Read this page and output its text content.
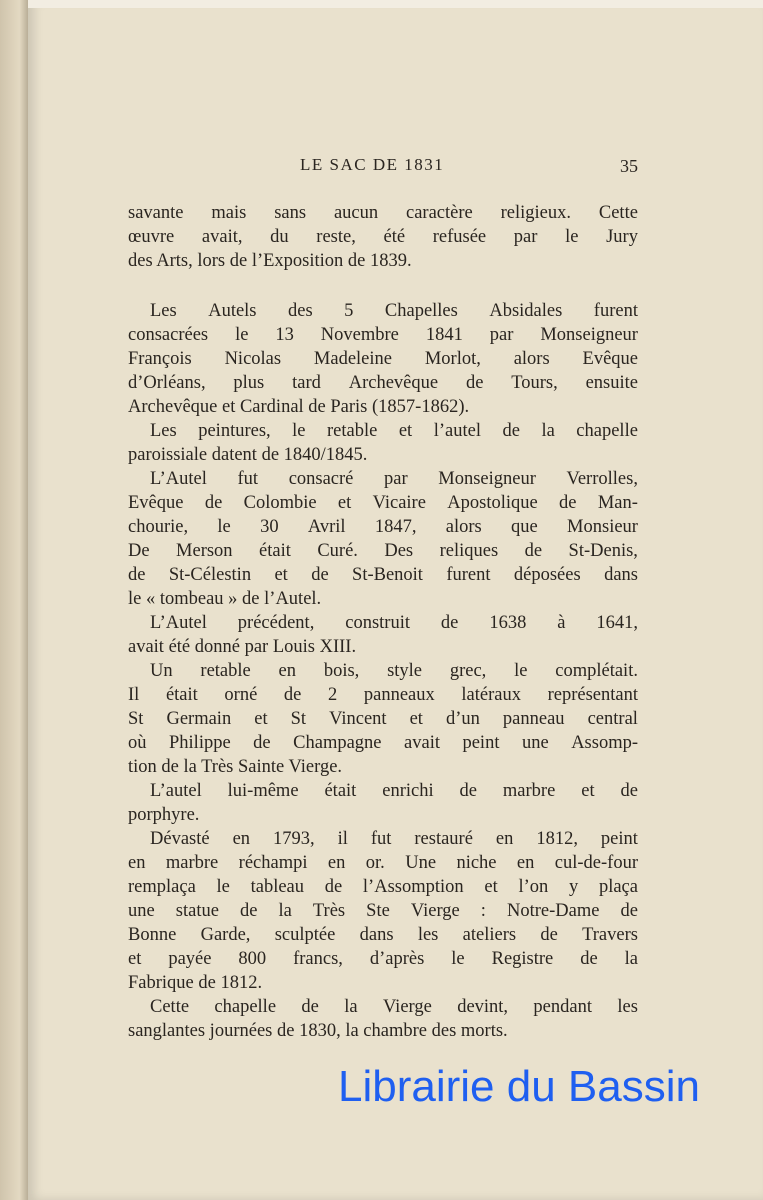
LE SAC DE 1831	35
savante mais sans aucun caractère religieux. Cette
œuvre avait, du reste, été refusée par le Jury
des Arts, lors de l’Exposition de 1839.
Les Autels des 5 Chapelles Absidales furent
consacrées le 13 Novembre 1841 par Monseigneur
François Nicolas Madeleine Morlot, alors Evêque
d’Orléans, plus tard Archevêque de Tours, ensuite
Archevêque et Cardinal de Paris (1857-1862).
Les peintures, le retable et l’autel de la chapelle
paroissiale datent de 1840/1845.
L’Autel fut consacré par Monseigneur Verrolles,
Evêque de Colombie et Vicaire Apostolique de Man-
chourie, le 30 Avril 1847, alors que Monsieur
De Merson était Curé. Des reliques de St-Denis,
de St-Célestin et de St-Benoit furent déposées dans
le « tombeau » de l’Autel.
L’Autel précédent, construit de 1638 à 1641,
avait été donné par Louis XIII.
Un retable en bois, style grec, le complétait.
Il était orné de 2 panneaux latéraux représentant
St Germain et St Vincent et d’un panneau central
où Philippe de Champagne avait peint une Assomp-
tion de la Très Sainte Vierge.
L’autel lui-même était enrichi de marbre et de
porphyre.
Dévasté en 1793, il fut restauré en 1812, peint
en marbre réchampi en or. Une niche en cul-de-four
remplaça le tableau de l’Assomption et l’on y plaça
une statue de la Très Ste Vierge : Notre-Dame de
Bonne Garde, sculptée dans les ateliers de Travers
et payée 800 francs, d’après le Registre de la
Fabrique de 1812.
Cette chapelle de la Vierge devint, pendant les
sanglantes journées de 1830, la chambre des morts.
Librairie du Bassin
